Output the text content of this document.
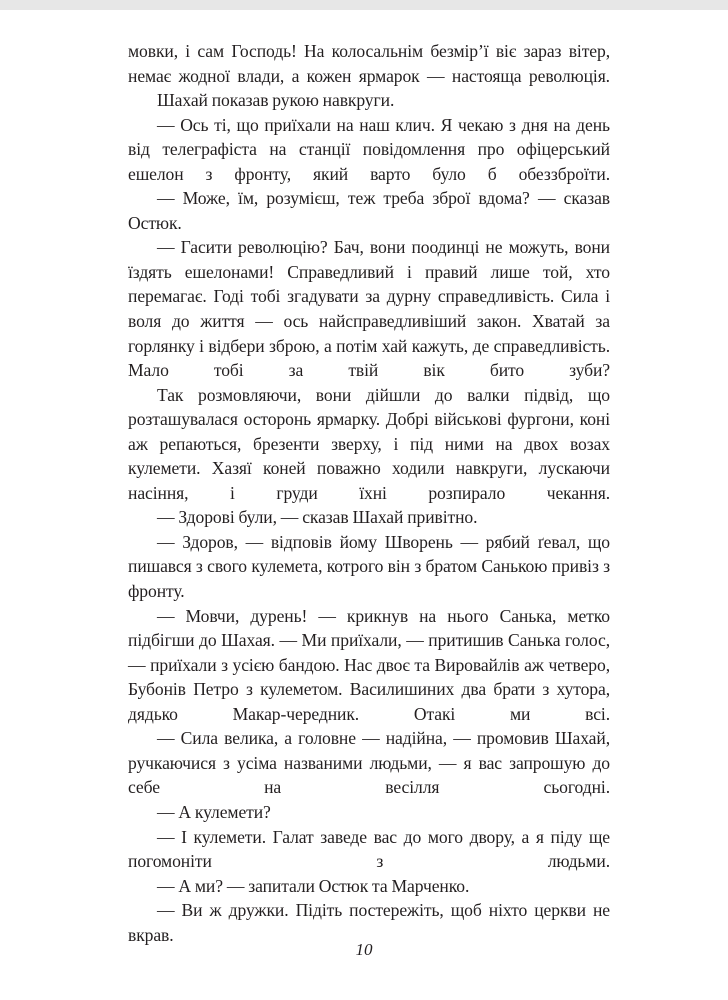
мовки, і сам Господь! На колосальнім безмір’ї віє зараз вітер, немає жодної влади, а кожен ярмарок — настояща революція.

Шахай показав рукою навкруги.

— Ось ті, що приїхали на наш клич. Я чекаю з дня на день від телеграфіста на станції повідомлення про офіцерський ешелон з фронту, який варто було б обеззброїти.

— Може, їм, розумієш, теж треба зброї вдома? — сказав Остюк.

— Гасити революцію? Бач, вони поодинці не можуть, вони їздять ешелонами! Справедливий і правий лише той, хто перемагає. Годі тобі згадувати за дурну справедливість. Сила і воля до життя — ось найсправедливіший закон. Хватай за горлянку і відбери зброю, а потім хай кажуть, де справедливість. Мало тобі за твій вік бито зуби?

Так розмовляючи, вони дійшли до валки підвід, що розташувалася осторонь ярмарку. Добрі військові фургони, коні аж репаються, брезенти зверху, і під ними на двох возах кулемети. Хазяї коней поважно ходили навкруги, лускаючи насіння, і груди їхні розпирало чекання.

— Здорові були, — сказав Шахай привітно.

— Здоров, — відповів йому Шворень — рябий ґевал, що пишався з свого кулемета, котрого він з братом Санькою привіз з фронту.

— Мовчи, дурень! — крикнув на нього Санька, метко підбігши до Шахая. — Ми приїхали, — притишив Санька голос, — приїхали з усією бандою. Нас двоє та Вировайлів аж четверо, Бубонів Петро з кулеметом. Василишиних два брати з хутора, дядько Макар-чередник. Отакі ми всі.

— Сила велика, а головне — надійна, — промовив Шахай, ручкаючися з усіма названими людьми, — я вас запрошую до себе на весілля сьогодні.

— А кулемети?

— І кулемети. Галат заведе вас до мого двору, а я піду ще погомоніти з людьми.

— А ми? — запитали Остюк та Марченко.

— Ви ж дружки. Підіть постережіть, щоб ніхто церкви не вкрав.

10
